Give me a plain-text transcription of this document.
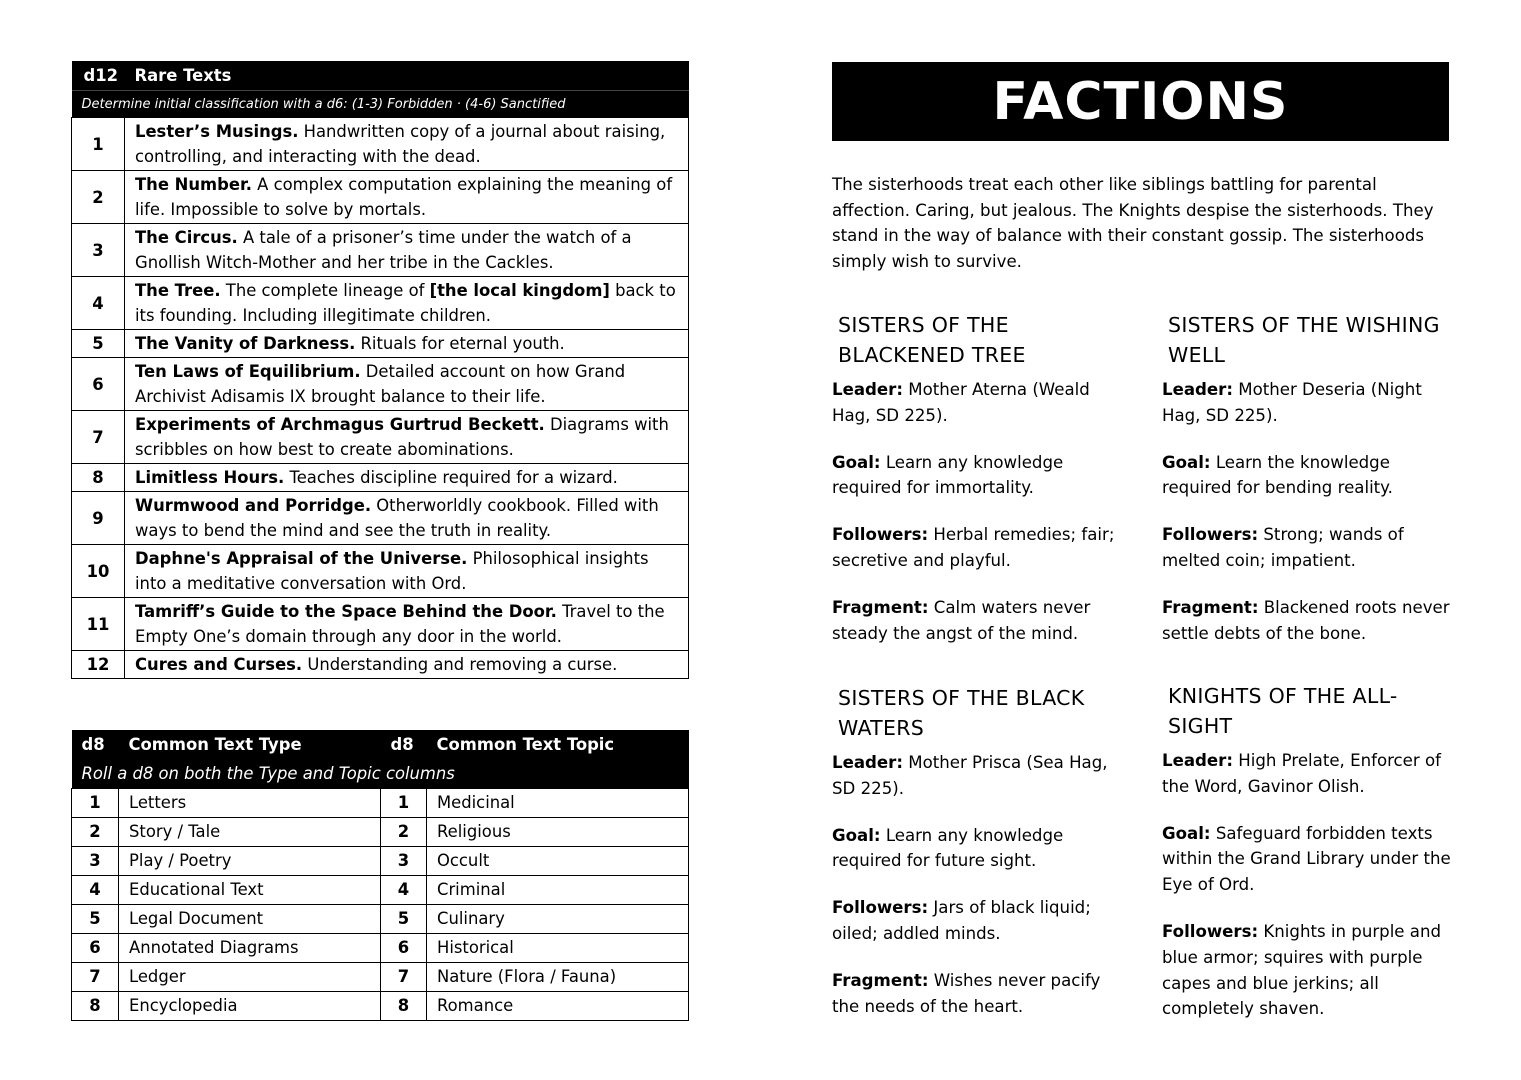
d12	Rare Texts
Determine initial classification with a d6: (1-3) Forbidden · (4-6) Sanctified	
1	Lester’s Musings. Handwritten copy of a journal about raising, controlling, and interacting with the dead.
2	The Number. A complex computation explaining the meaning of life. Impossible to solve by mortals.
3	The Circus. A tale of a prisoner’s time under the watch of a Gnollish Witch-Mother and her tribe in the Cackles.
4	The Tree. The complete lineage of [the local kingdom] back to its founding. Including illegitimate children.
5	The Vanity of Darkness. Rituals for eternal youth.
6	Ten Laws of Equilibrium. Detailed account on how Grand Archivist Adisamis IX brought balance to their life.
7	Experiments of Archmagus Gurtrud Beckett. Diagrams with scribbles on how best to create abominations.
8	Limitless Hours. Teaches discipline required for a wizard.
9	Wurmwood and Porridge. Otherworldly cookbook. Filled with ways to bend the mind and see the truth in reality.
10	Daphne's Appraisal of the Universe. Philosophical insights into a meditative conversation with Ord.
11	Tamriff’s Guide to the Space Behind the Door. Travel to the Empty One’s domain through any door in the world.
12	Cures and Curses. Understanding and removing a curse.
d8	Common Text Type	d8	Common Text Topic
Roll a d8 on both the Type and Topic columns			
1	Letters	1	Medicinal
2	Story / Tale	2	Religious
3	Play / Poetry	3	Occult
4	Educational Text	4	Criminal
5	Legal Document	5	Culinary
6	Annotated Diagrams	6	Historical
7	Ledger	7	Nature (Flora / Fauna)
8	Encyclopedia	8	Romance
FACTIONS

The sisterhoods treat each other like siblings battling for parental affection. Caring, but jealous. The Knights despise the sisterhoods. They stand in the way of balance with their constant gossip. The sisterhoods simply wish to survive.

SISTERS OF THE BLACKENED TREE

Leader: Mother Aterna (Weald Hag, SD 225).

Goal: Learn any knowledge required for immortality.

Followers: Herbal remedies; fair; secretive and playful.

Fragment: Calm waters never steady the angst of the mind.

SISTERS OF THE WISHING WELL

Leader: Mother Deseria (Night Hag, SD 225).

Goal: Learn the knowledge required for bending reality.

Followers: Strong; wands of melted coin; impatient.

Fragment: Blackened roots never settle debts of the bone.

SISTERS OF THE BLACK WATERS

Leader: Mother Prisca (Sea Hag, SD 225).

Goal: Learn any knowledge required for future sight.

Followers: Jars of black liquid; oiled; addled minds.

Fragment: Wishes never pacify the needs of the heart.

KNIGHTS OF THE ALL-SIGHT

Leader: High Prelate, Enforcer of the Word, Gavinor Olish.

Goal: Safeguard forbidden texts within the Grand Library under the Eye of Ord.

Followers: Knights in purple and blue armor; squires with purple capes and blue jerkins; all completely shaven.
